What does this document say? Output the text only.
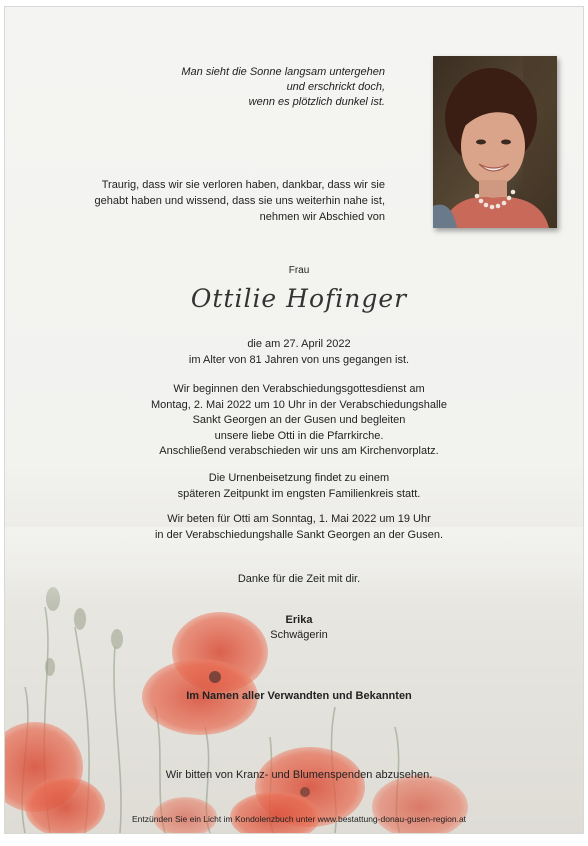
Man sieht die Sonne langsam untergehen
und erschrickt doch,
wenn es plötzlich dunkel ist.
Traurig, dass wir sie verloren haben, dankbar, dass wir sie
gehabt haben und wissend, dass sie uns weiterhin nahe ist,
nehmen wir Abschied von
Frau
Ottilie Hofinger

die am 27. April 2022

im Alter von 81 Jahren von uns gegangen ist.

Wir beginnen den Verabschiedungsgottesdienst am

Montag, 2. Mai 2022 um 10 Uhr in der Verabschiedungshalle

Sankt Georgen an der Gusen und begleiten

unsere liebe Otti in die Pfarrkirche.

Anschließend verabschieden wir uns am Kirchenvorplatz.

Die Urnenbeisetzung findet zu einem

späteren Zeitpunkt im engsten Familienkreis statt.

Wir beten für Otti am Sonntag, 1. Mai 2022 um 19 Uhr

in der Verabschiedungshalle Sankt Georgen an der Gusen.

Danke für die Zeit mit dir.
Erika
Schwägerin
Im Namen aller Verwandten und Bekannten
Wir bitten von Kranz- und Blumenspenden abzusehen.
Entzünden Sie ein Licht im Kondolenzbuch unter www.bestattung-donau-gusen-region.at
